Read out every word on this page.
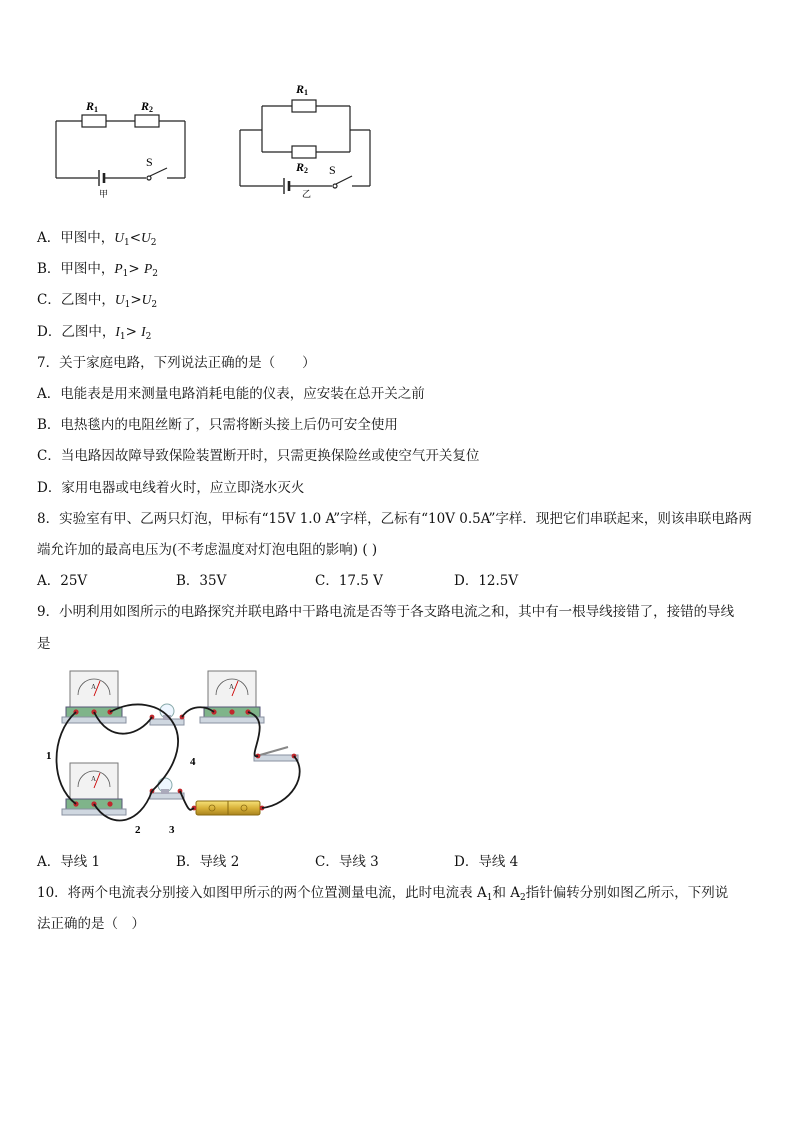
R1	R2
S
甲
R1
R2 S
乙
A．甲图中，$U_1<U_2$
B．甲图中，$P_1> P_2$
C．乙图中，$U_1>U_2$
D．乙图中，$I_1> I_2$
7．关于家庭电路，下列说法正确的是（　　）
A．电能表是用来测量电路消耗电能的仪表，应安装在总开关之前
B．电热毯内的电阻丝断了，只需将断头接上后仍可安全使用
C．当电路因故障导致保险装置断开时，只需更换保险丝或使空气开关复位
D．家用电器或电线着火时，应立即浇水灭火
8．实验室有甲、乙两只灯泡，甲标有“15V 1.0 A”字样，乙标有“10V 0.5A”字样．现把它们串联起来，则该串联电路两
端允许加的最高电压为(不考虑温度对灯泡电阻的影响) ( )
A．25V	B．35V	C．17.5 V	D．12.5V
9．小明利用如图所示的电路探究并联电路中干路电流是否等于各支路电流之和，其中有一根导线接错了，接错的导线
是
A	A
A
1
2	3
4
A．导线 1	B．导线 2	C．导线 3	D．导线 4
10．将两个电流表分别接入如图甲所示的两个位置测量电流，此时电流表 $A_1$和 $A_2$指针偏转分别如图乙所示，下列说
法正确的是（　）
